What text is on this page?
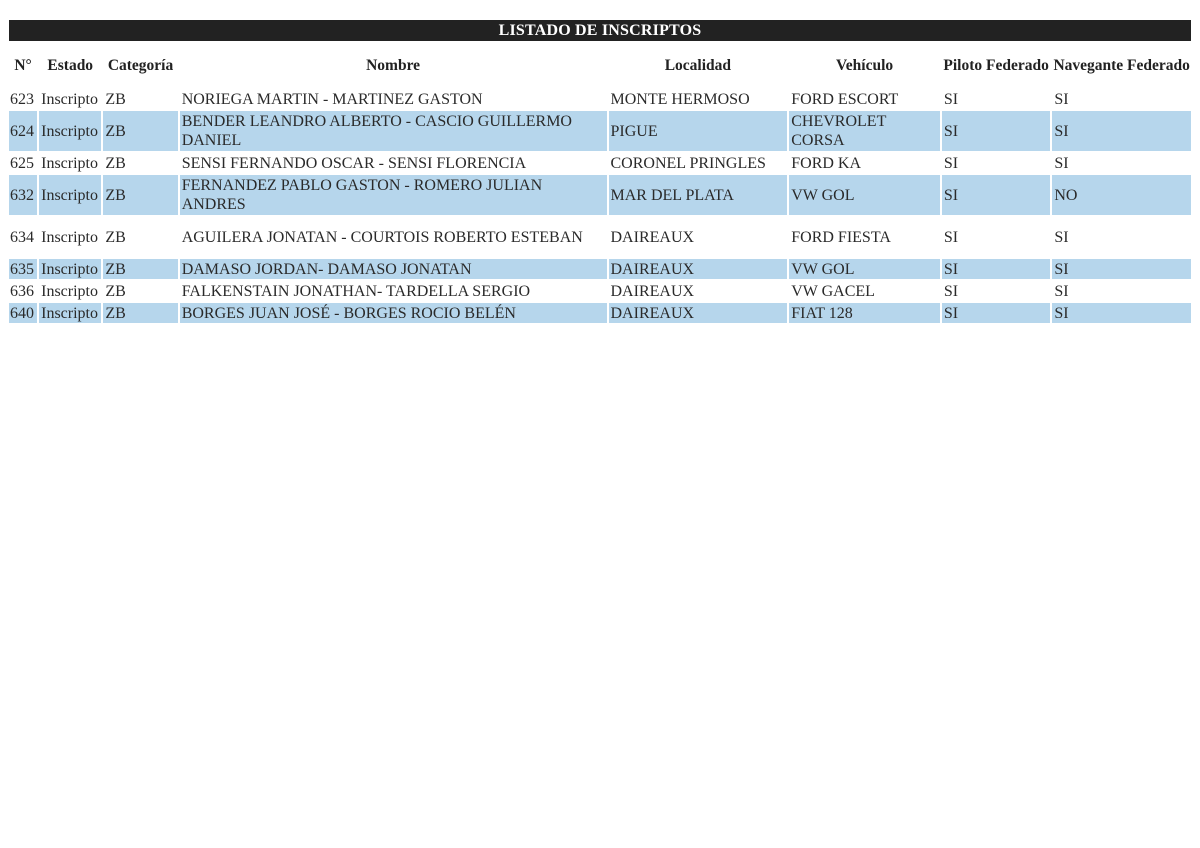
LISTADO DE INSCRIPTOS
N°	Estado	Categoría	Nombre	Localidad	Vehículo	Piloto Federado	Navegante Federado
623	Inscripto	ZB	NORIEGA MARTIN - MARTINEZ GASTON	MONTE HERMOSO	FORD ESCORT	SI	SI
624	Inscripto	ZB	BENDER LEANDRO ALBERTO - CASCIO GUILLERMO DANIEL	PIGUE	CHEVROLET CORSA	SI	SI
625	Inscripto	ZB	SENSI FERNANDO OSCAR - SENSI FLORENCIA	CORONEL PRINGLES	FORD KA	SI	SI
632	Inscripto	ZB	FERNANDEZ PABLO GASTON - ROMERO JULIAN ANDRES	MAR DEL PLATA	VW GOL	SI	NO
634	Inscripto	ZB	AGUILERA JONATAN - COURTOIS ROBERTO ESTEBAN	DAIREAUX	FORD FIESTA	SI	SI
635	Inscripto	ZB	DAMASO JORDAN- DAMASO JONATAN	DAIREAUX	VW GOL	SI	SI
636	Inscripto	ZB	FALKENSTAIN JONATHAN- TARDELLA SERGIO	DAIREAUX	VW GACEL	SI	SI
640	Inscripto	ZB	BORGES JUAN JOSÉ - BORGES ROCIO BELÉN	DAIREAUX	FIAT 128	SI	SI
